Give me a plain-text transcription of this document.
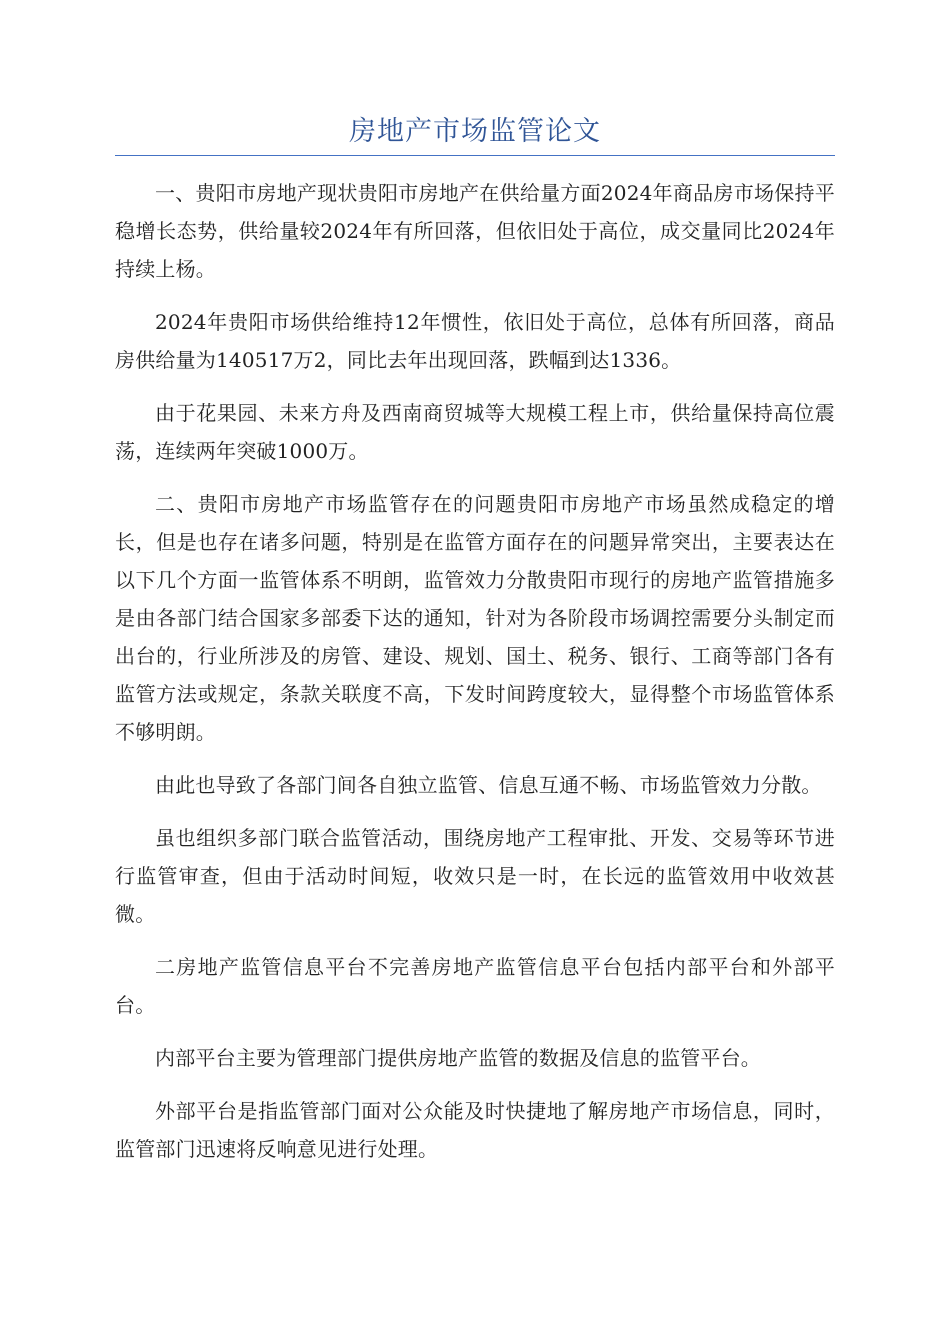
房地产市场监管论文

一、贵阳市房地产现状贵阳市房地产在供给量方面2024年商品房市场保持平稳增长态势，供给量较2024年有所回落，但依旧处于高位，成交量同比2024年持续上杨。

2024年贵阳市场供给维持12年惯性，依旧处于高位，总体有所回落，商品房供给量为140517万2，同比去年出现回落，跌幅到达1336。

由于花果园、未来方舟及西南商贸城等大规模工程上市，供给量保持高位震荡，连续两年突破1000万。

二、贵阳市房地产市场监管存在的问题贵阳市房地产市场虽然成稳定的增长，但是也存在诸多问题，特别是在监管方面存在的问题异常突出，主要表达在以下几个方面一监管体系不明朗，监管效力分散贵阳市现行的房地产监管措施多是由各部门结合国家多部委下达的通知，针对为各阶段市场调控需要分头制定而出台的，行业所涉及的房管、建设、规划、国土、税务、银行、工商等部门各有监管方法或规定，条款关联度不高，下发时间跨度较大，显得整个市场监管体系不够明朗。

由此也导致了各部门间各自独立监管、信息互通不畅、市场监管效力分散。

虽也组织多部门联合监管活动，围绕房地产工程审批、开发、交易等环节进行监管审查，但由于活动时间短，收效只是一时，在长远的监管效用中收效甚微。

二房地产监管信息平台不完善房地产监管信息平台包括内部平台和外部平台。

内部平台主要为管理部门提供房地产监管的数据及信息的监管平台。

外部平台是指监管部门面对公众能及时快捷地了解房地产市场信息，同时，监管部门迅速将反响意见进行处理。
